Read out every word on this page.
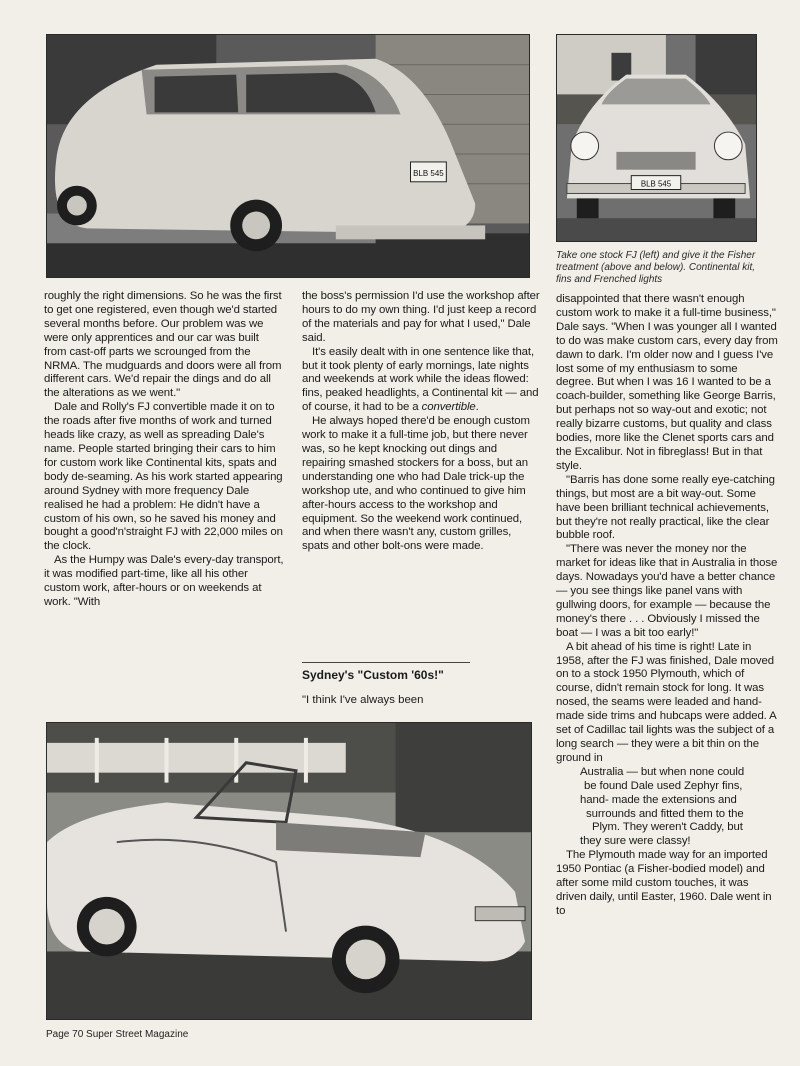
BLB 545
BLB 545
Take one stock FJ (left) and give it the Fisher treatment (above and below). Continental kit, fins and Frenched lights

roughly the right dimensions. So he was the first to get one registered, even though we'd started several months before. Our problem was we were only apprentices and our car was built from cast-off parts we scrounged from the NRMA. The mudguards and doors were all from different cars. We'd repair the dings and do all the alterations as we went."

Dale and Rolly's FJ convertible made it on to the roads after five months of work and turned heads like crazy, as well as spreading Dale's name. People started bringing their cars to him for custom work like Continental kits, spats and body de-seaming. As his work started appearing around Sydney with more frequency Dale realised he had a problem: He didn't have a custom of his own, so he saved his money and bought a good'n'straight FJ with 22,000 miles on the clock.

As the Humpy was Dale's every-day transport, it was modified part-time, like all his other custom work, after-hours or on weekends at work. "With

the boss's permission I'd use the workshop after hours to do my own thing. I'd just keep a record of the materials and pay for what I used," Dale said.

It's easily dealt with in one sentence like that, but it took plenty of early mornings, late nights and weekends at work while the ideas flowed: fins, peaked headlights, a Continental kit — and of course, it had to be a convertible.

He always hoped there'd be enough custom work to make it a full-time job, but there never was, so he kept knocking out dings and repairing smashed stockers for a boss, but an understanding one who had Dale trick-up the workshop ute, and who continued to give him after-hours access to the workshop and equipment. So the weekend work continued, and when there wasn't any, custom grilles, spats and other bolt-ons were made.

Sydney's "Custom '60s!"

"I think I've always been

disappointed that there wasn't enough custom work to make it a full-time business," Dale says. "When I was younger all I wanted to do was make custom cars, every day from dawn to dark. I'm older now and I guess I've lost some of my enthusiasm to some degree. But when I was 16 I wanted to be a coach-builder, something like George Barris, but perhaps not so way-out and exotic; not really bizarre customs, but quality and class bodies, more like the Clenet sports cars and the Excalibur. Not in fibreglass! But in that style.

"Barris has done some really eye-catching things, but most are a bit way-out. Some have been brilliant technical achievements, but they're not really practical, like the clear bubble roof.

"There was never the money nor the market for ideas like that in Australia in those days. Nowadays you'd have a better chance — you see things like panel vans with gullwing doors, for example — because the money's there . . . Obviously I missed the boat — I was a bit too early!"

A bit ahead of his time is right! Late in 1958, after the FJ was finished, Dale moved on to a stock 1950 Plymouth, which of course, didn't remain stock for long. It was nosed, the seams were leaded and hand-made side trims and hubcaps were added. A set of Cadillac tail lights was the subject of a long search — they were a bit thin on the ground in

Australia — but when none could
be found Dale used Zephyr fins,
hand- made the extensions and
surrounds and fitted them to the
Plym. They weren't Caddy, but
they sure were classy!

The Plymouth made way for an imported 1950 Pontiac (a Fisher-bodied model) and after some mild custom touches, it was driven daily, until Easter, 1960. Dale went in to

Page 70 Super Street Magazine
